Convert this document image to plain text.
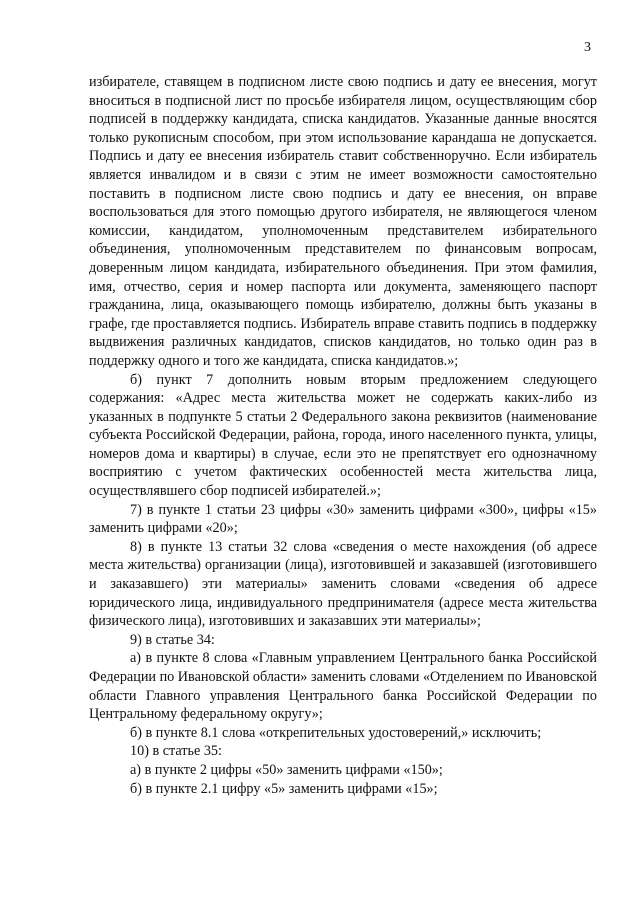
3

избирателе, ставящем в подписном листе свою подпись и дату ее внесения, могут вноситься в подписной лист по просьбе избирателя лицом, осуществляющим сбор подписей в поддержку кандидата, списка кандидатов. Указанные данные вносятся только рукописным способом, при этом использование карандаша не допускается. Подпись и дату ее внесения избиратель ставит собственноручно. Если избиратель является инвалидом и в связи с этим не имеет возможности самостоятельно поставить в подписном листе свою подпись и дату ее внесения, он вправе воспользоваться для этого помощью другого избирателя, не являющегося членом комиссии, кандидатом, уполномоченным представителем избирательного объединения, уполномоченным представителем по финансовым вопросам, доверенным лицом кандидата, избирательного объединения. При этом фамилия, имя, отчество, серия и номер паспорта или документа, заменяющего паспорт гражданина, лица, оказывающего помощь избирателю, должны быть указаны в графе, где проставляется подпись. Избиратель вправе ставить подпись в поддержку выдвижения различных кандидатов, списков кандидатов, но только один раз в поддержку одного и того же кандидата, списка кандидатов.»;

б) пункт 7 дополнить новым вторым предложением следующего содержания: «Адрес места жительства может не содержать каких-либо из указанных в подпункте 5 статьи 2 Федерального закона реквизитов (наименование субъекта Российской Федерации, района, города, иного населенного пункта, улицы, номеров дома и квартиры) в случае, если это не препятствует его однозначному восприятию с учетом фактических особенностей места жительства лица, осуществлявшего сбор подписей избирателей.»;

7) в пункте 1 статьи 23 цифры «30» заменить цифрами «300», цифры «15» заменить цифрами «20»;

8) в пункте 13 статьи 32 слова «сведения о месте нахождения (об адресе места жительства) организации (лица), изготовившей и заказавшей (изготовившего и заказавшего) эти материалы» заменить словами «сведения об адресе юридического лица, индивидуального предпринимателя (адресе места жительства физического лица), изготовивших и заказавших эти материалы»;

9) в статье 34:

а) в пункте 8 слова «Главным управлением Центрального банка Российской Федерации по Ивановской области» заменить словами «Отделением по Ивановской области Главного управления Центрального банка Российской Федерации по Центральному федеральному округу»;

б) в пункте 8.1 слова «открепительных удостоверений,» исключить;

10) в статье 35:

а) в пункте 2 цифры «50» заменить цифрами «150»;

б) в пункте 2.1 цифру «5» заменить цифрами «15»;
